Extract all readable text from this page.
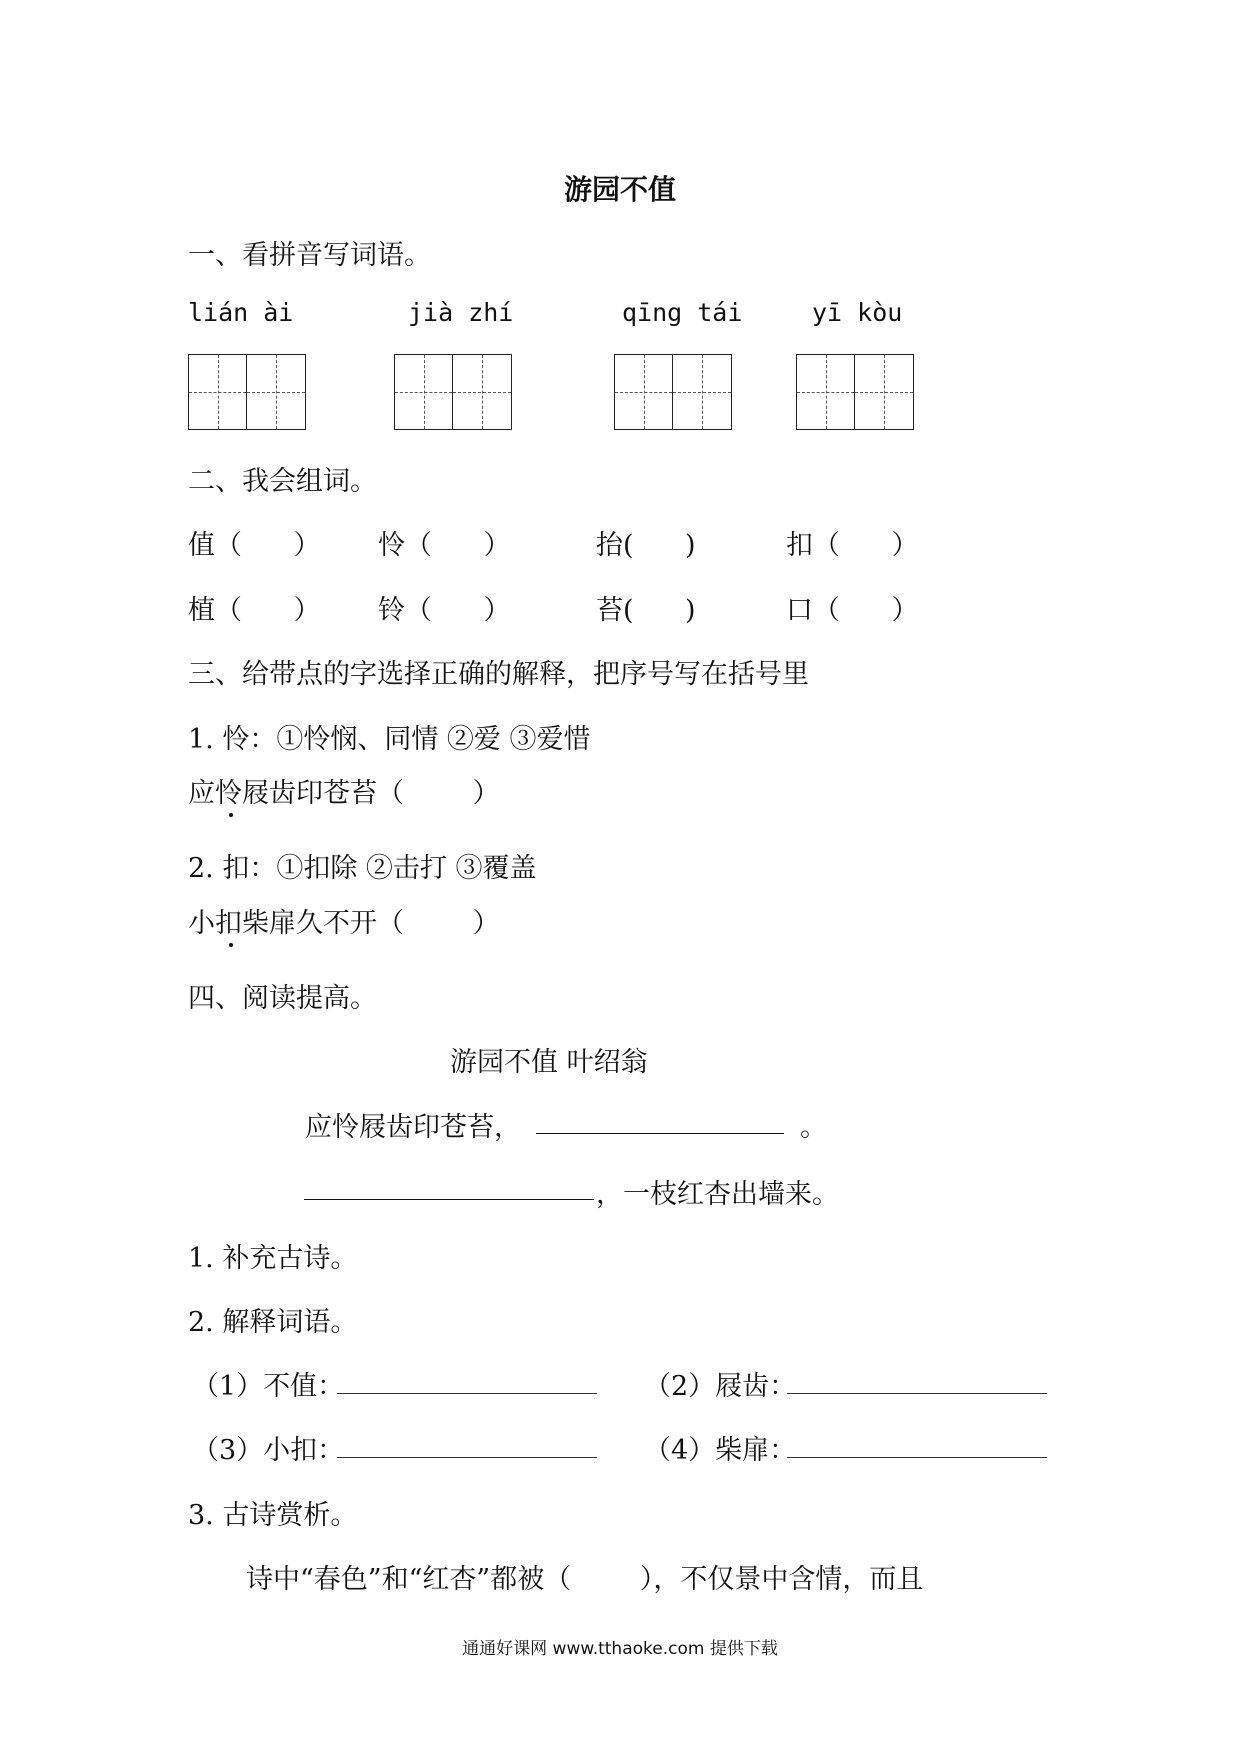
游园不值
一、看拼音写词语。
lián ài	jià zhí	qīng tái	yī kòu
二、我会组词。
值（      ） 怜（      ）	抬(      )	扣（      ）
植（      ） 铃（      ）	苔(      )	口（      ）
三、给带点的字选择正确的解释，把序号写在括号里
1. 怜：①怜悯、同情 ②爱 ③爱惜
应怜屐齿印苍苔（        ）
2. 扣：①扣除 ②击打 ③覆盖
小扣柴扉久不开（        ）
四、阅读提高。
游园不值 叶绍翁
应怜屐齿印苍苔，	。
，一枝红杏出墙来。
1. 补充古诗。
2. 解释词语。
（1）不值：	（2）屐齿：
（3）小扣：	（4）柴扉：
3. 古诗赏析。
诗中“春色”和“红杏”都被（        ），不仅景中含情，而且
通通好课网 www.tthaoke.com 提供下载
